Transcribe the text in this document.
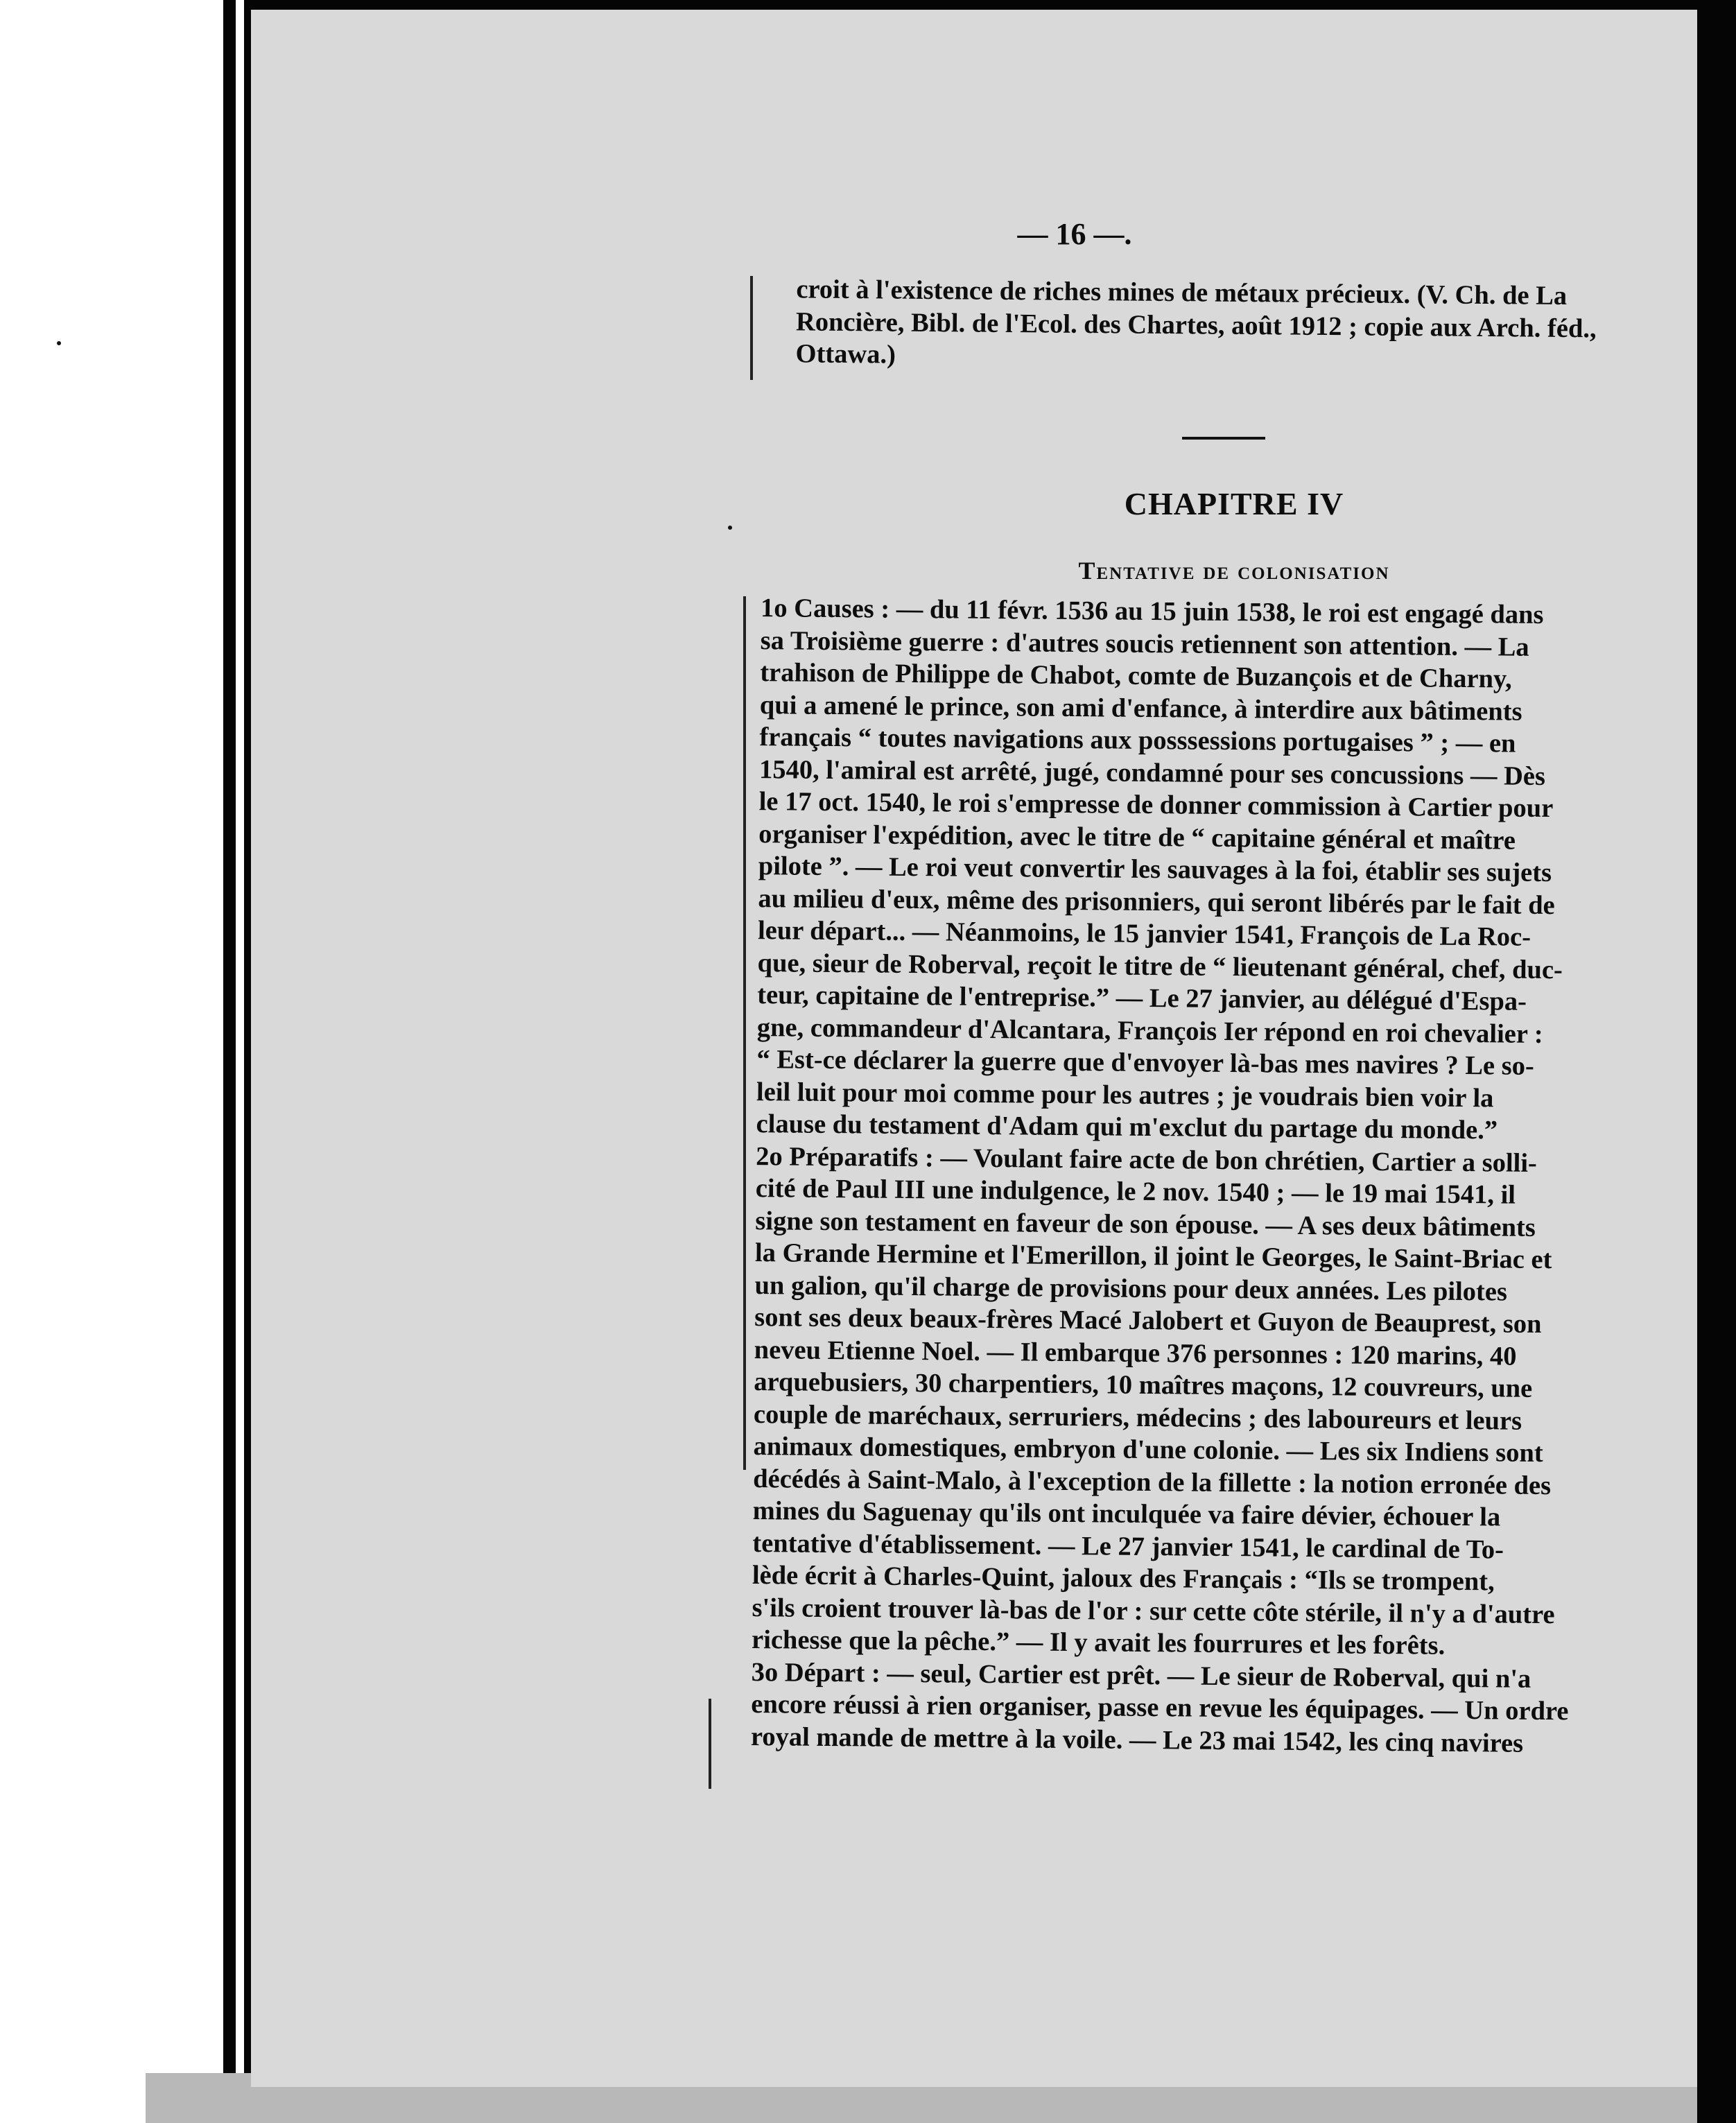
— 16 —.
croit à l'existence de riches mines de métaux précieux. (V. Ch. de La
Roncière, Bibl. de l'Ecol. des Chartes, août 1912 ; copie aux Arch. féd.,
Ottawa.)
CHAPITRE IV
Tentative de colonisation
1o Causes : — du 11 févr. 1536 au 15 juin 1538, le roi est engagé dans
sa Troisième guerre : d'autres soucis retiennent son attention. — La
trahison de Philippe de Chabot, comte de Buzançois et de Charny,
qui a amené le prince, son ami d'enfance, à interdire aux bâtiments
français “ toutes navigations aux posssessions portugaises ” ; — en
1540, l'amiral est arrêté, jugé, condamné pour ses concussions — Dès
le 17 oct. 1540, le roi s'empresse de donner commission à Cartier pour
organiser l'expédition, avec le titre de “ capitaine général et maître
pilote ”. — Le roi veut convertir les sauvages à la foi, établir ses sujets
au milieu d'eux, même des prisonniers, qui seront libérés par le fait de
leur départ... — Néanmoins, le 15 janvier 1541, François de La Roc-
que, sieur de Roberval, reçoit le titre de “ lieutenant général, chef, duc-
teur, capitaine de l'entreprise.” — Le 27 janvier, au délégué d'Espa-
gne, commandeur d'Alcantara, François Ier répond en roi chevalier :
“ Est-ce déclarer la guerre que d'envoyer là-bas mes navires ? Le so-
leil luit pour moi comme pour les autres ; je voudrais bien voir la
clause du testament d'Adam qui m'exclut du partage du monde.”
2o Préparatifs : — Voulant faire acte de bon chrétien, Cartier a solli-
cité de Paul III une indulgence, le 2 nov. 1540 ; — le 19 mai 1541, il
signe son testament en faveur de son épouse. — A ses deux bâtiments
la Grande Hermine et l'Emerillon, il joint le Georges, le Saint-Briac et
un galion, qu'il charge de provisions pour deux années. Les pilotes
sont ses deux beaux-frères Macé Jalobert et Guyon de Beauprest, son
neveu Etienne Noel. — Il embarque 376 personnes : 120 marins, 40
arquebusiers, 30 charpentiers, 10 maîtres maçons, 12 couvreurs, une
couple de maréchaux, serruriers, médecins ; des laboureurs et leurs
animaux domestiques, embryon d'une colonie. — Les six Indiens sont
décédés à Saint-Malo, à l'exception de la fillette : la notion erronée des
mines du Saguenay qu'ils ont inculquée va faire dévier, échouer la
tentative d'établissement. — Le 27 janvier 1541, le cardinal de To-
lède écrit à Charles-Quint, jaloux des Français : “Ils se trompent,
s'ils croient trouver là-bas de l'or : sur cette côte stérile, il n'y a d'autre
richesse que la pêche.” — Il y avait les fourrures et les forêts.
3o Départ : — seul, Cartier est prêt. — Le sieur de Roberval, qui n'a
encore réussi à rien organiser, passe en revue les équipages. — Un ordre
royal mande de mettre à la voile. — Le 23 mai 1542, les cinq navires
